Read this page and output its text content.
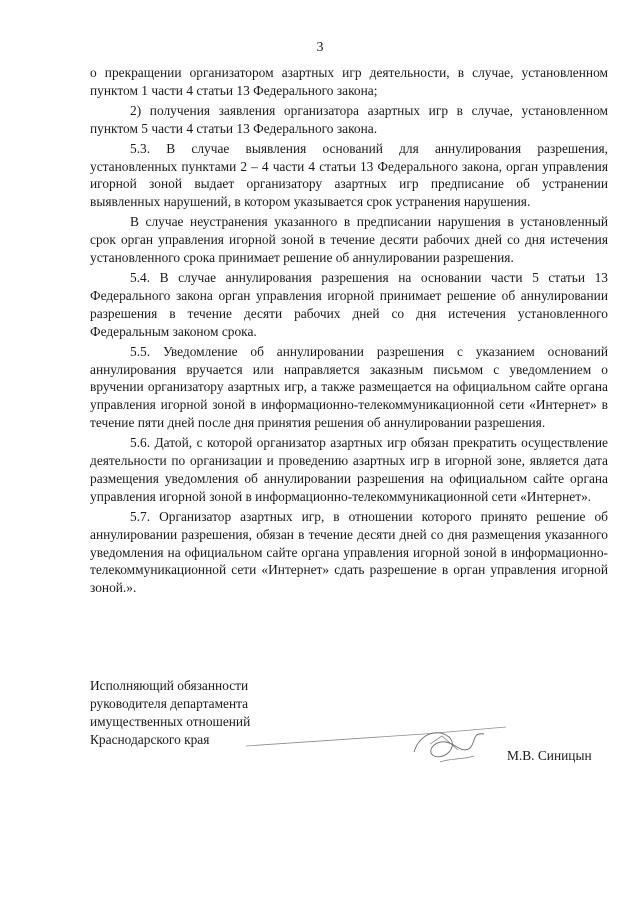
3

о прекращении организатором азартных игр деятельности, в случае, установленном пунктом 1 части 4 статьи 13 Федерального закона;

2) получения заявления организатора азартных игр в случае, установленном пунктом 5 части 4 статьи 13 Федерального закона.

5.3. В случае выявления оснований для аннулирования разрешения, установленных пунктами 2 – 4 части 4 статьи 13 Федерального закона, орган управления игорной зоной выдает организатору азартных игр предписание об устранении выявленных нарушений, в котором указывается срок устранения нарушения.

В случае неустранения указанного в предписании нарушения в установленный срок орган управления игорной зоной в течение десяти рабочих дней со дня истечения установленного срока принимает решение об аннулировании разрешения.

5.4. В случае аннулирования разрешения на основании части 5 статьи 13 Федерального закона орган управления игорной принимает решение об аннулировании разрешения в течение десяти рабочих дней со дня истечения установленного Федеральным законом срока.

5.5. Уведомление об аннулировании разрешения с указанием оснований аннулирования вручается или направляется заказным письмом с уведомлением о вручении организатору азартных игр, а также размещается на официальном сайте органа управления игорной зоной в информационно-телекоммуникационной сети «Интернет» в течение пяти дней после дня принятия решения об аннулировании разрешения.

5.6. Датой, с которой организатор азартных игр обязан прекратить осуществление деятельности по организации и проведению азартных игр в игорной зоне, является дата размещения уведомления об аннулировании разрешения на официальном сайте органа управления игорной зоной в информационно-телекоммуникационной сети «Интернет».

5.7. Организатор азартных игр, в отношении которого принято решение об аннулировании разрешения, обязан в течение десяти дней со дня размещения указанного уведомления на официальном сайте органа управления игорной зоной в информационно-телекоммуникационной сети «Интернет» сдать разрешение в орган управления игорной зоной.».

Исполняющий обязанности
руководителя департамента
имущественных отношений
Краснодарского края
М.В. Синицын
